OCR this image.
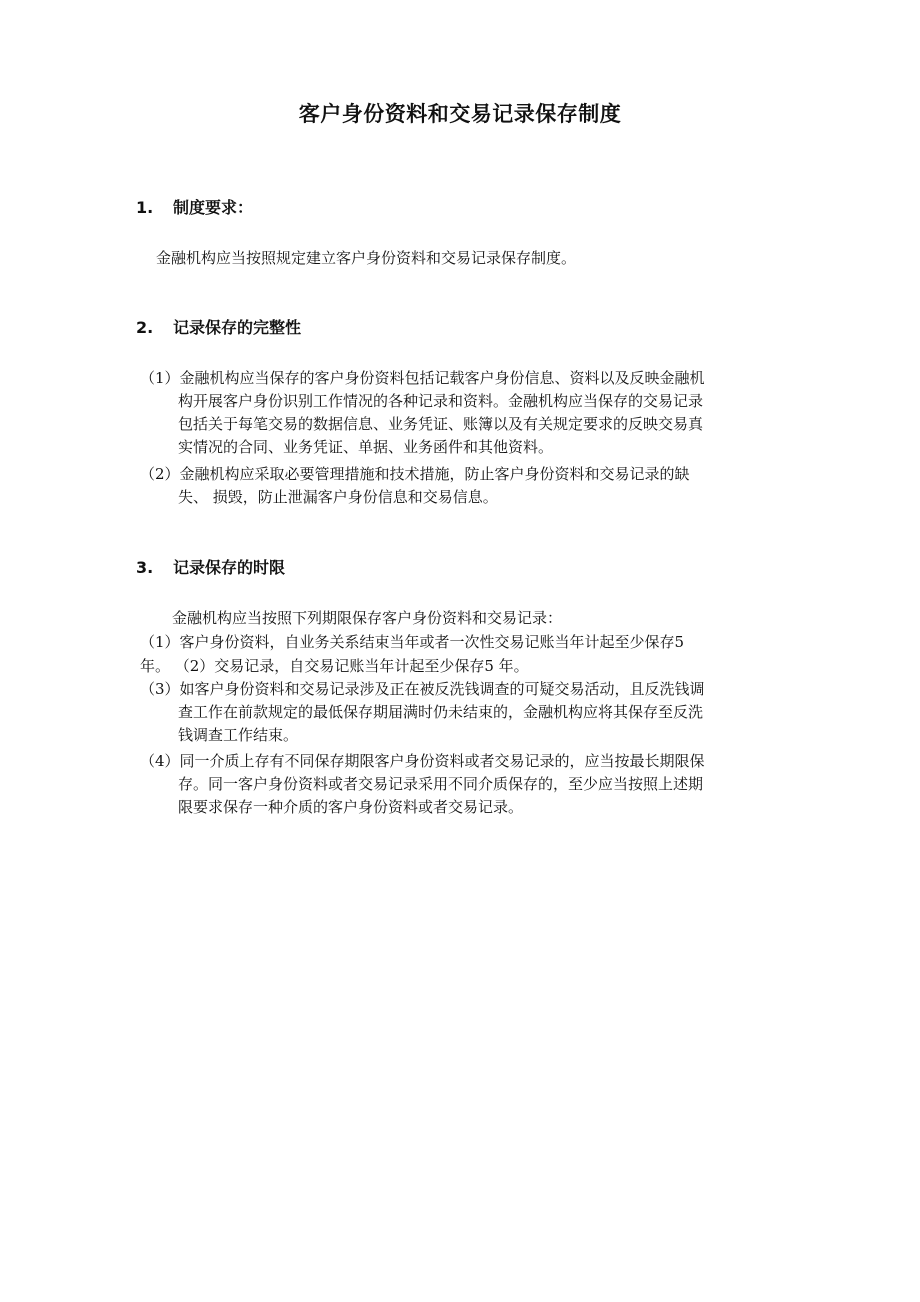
客户身份资料和交易记录保存制度
1. 制度要求：
金融机构应当按照规定建立客户身份资料和交易记录保存制度。
2. 记录保存的完整性
（1）金融机构应当保存的客户身份资料包括记载客户身份信息、资料以及反映金融机
构开展客户身份识别工作情况的各种记录和资料。金融机构应当保存的交易记录
包括关于每笔交易的数据信息、业务凭证、账簿以及有关规定要求的反映交易真
实情况的合同、业务凭证、单据、业务函件和其他资料。
（2）金融机构应采取必要管理措施和技术措施，防止客户身份资料和交易记录的缺
失、 损毁，防止泄漏客户身份信息和交易信息。
3. 记录保存的时限
金融机构应当按照下列期限保存客户身份资料和交易记录：
（1）客户身份资料，自业务关系结束当年或者一次性交易记账当年计起至少保存5
年。 （2）交易记录，自交易记账当年计起至少保存5 年。
（3）如客户身份资料和交易记录涉及正在被反洗钱调查的可疑交易活动，且反洗钱调
查工作在前款规定的最低保存期届满时仍未结束的，金融机构应将其保存至反洗
钱调查工作结束。
（4）同一介质上存有不同保存期限客户身份资料或者交易记录的，应当按最长期限保
存。同一客户身份资料或者交易记录采用不同介质保存的，至少应当按照上述期
限要求保存一种介质的客户身份资料或者交易记录。
